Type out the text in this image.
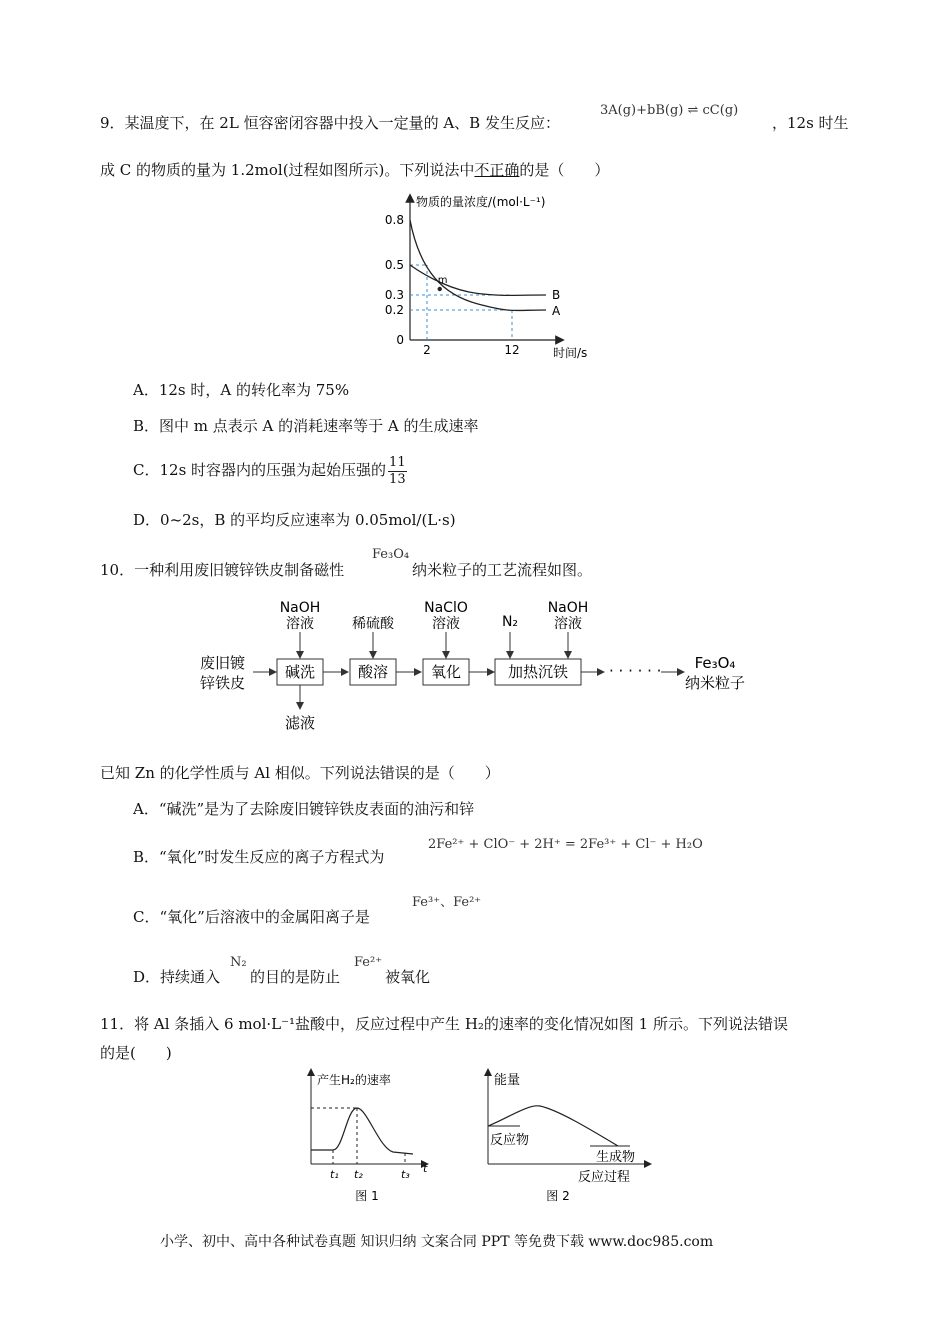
9．某温度下，在 2L 恒容密闭容器中投入一定量的 A、B 发生反应：
3A(g)+bB(g) ⇌ cC(g)
，12s 时生
成 C 的物质的量为 1.2mol(过程如图所示)。下列说法中不正确的是（　　）
物质的量浓度/(mol·L⁻¹)
时间/s
0.8
0.5
0.3
0.2
0
2	12
m
A
B
A．12s 时，A 的转化率为 75%
B．图中 m 点表示 A 的消耗速率等于 A 的生成速率
C．12s 时容器内的压强为起始压强的 $\frac{11}{13}$
D．0~2s，B 的平均反应速率为 0.05mol/(L·s)
10．一种利用废旧镀锌铁皮制备磁性
Fe₃O₄
纳米粒子的工艺流程如图。
废旧镀
锌铁皮
碱洗	酸溶	氧化	加热沉铁	· · · · · · Fe₃O₄
纳米粒子
NaOH
溶液	稀硫酸
NaClO
溶液	N₂
NaOH
溶液
滤液
已知 Zn 的化学性质与 Al 相似。下列说法错误的是（　　）
A．“碱洗”是为了去除废旧镀锌铁皮表面的油污和锌
B．“氧化”时发生反应的离子方程式为
2Fe²⁺ + ClO⁻ + 2H⁺ = 2Fe³⁺ + Cl⁻ + H₂O
C．“氧化”后溶液中的金属阳离子是
Fe³⁺、Fe²⁺
D．持续通入
N₂
的目的是防止
Fe²⁺
被氧化
11．将 Al 条插入 6 mol·L⁻¹盐酸中，反应过程中产生 H₂的速率的变化情况如图 1 所示。下列说法错误
的是(　　)
产生H₂的速率
t₁ t₂	t₃ t
图 1
能量
反应物
生成物
反应过程
图 2
小学、初中、高中各种试卷真题 知识归纳 文案合同 PPT 等免费下载 www.doc985.com
